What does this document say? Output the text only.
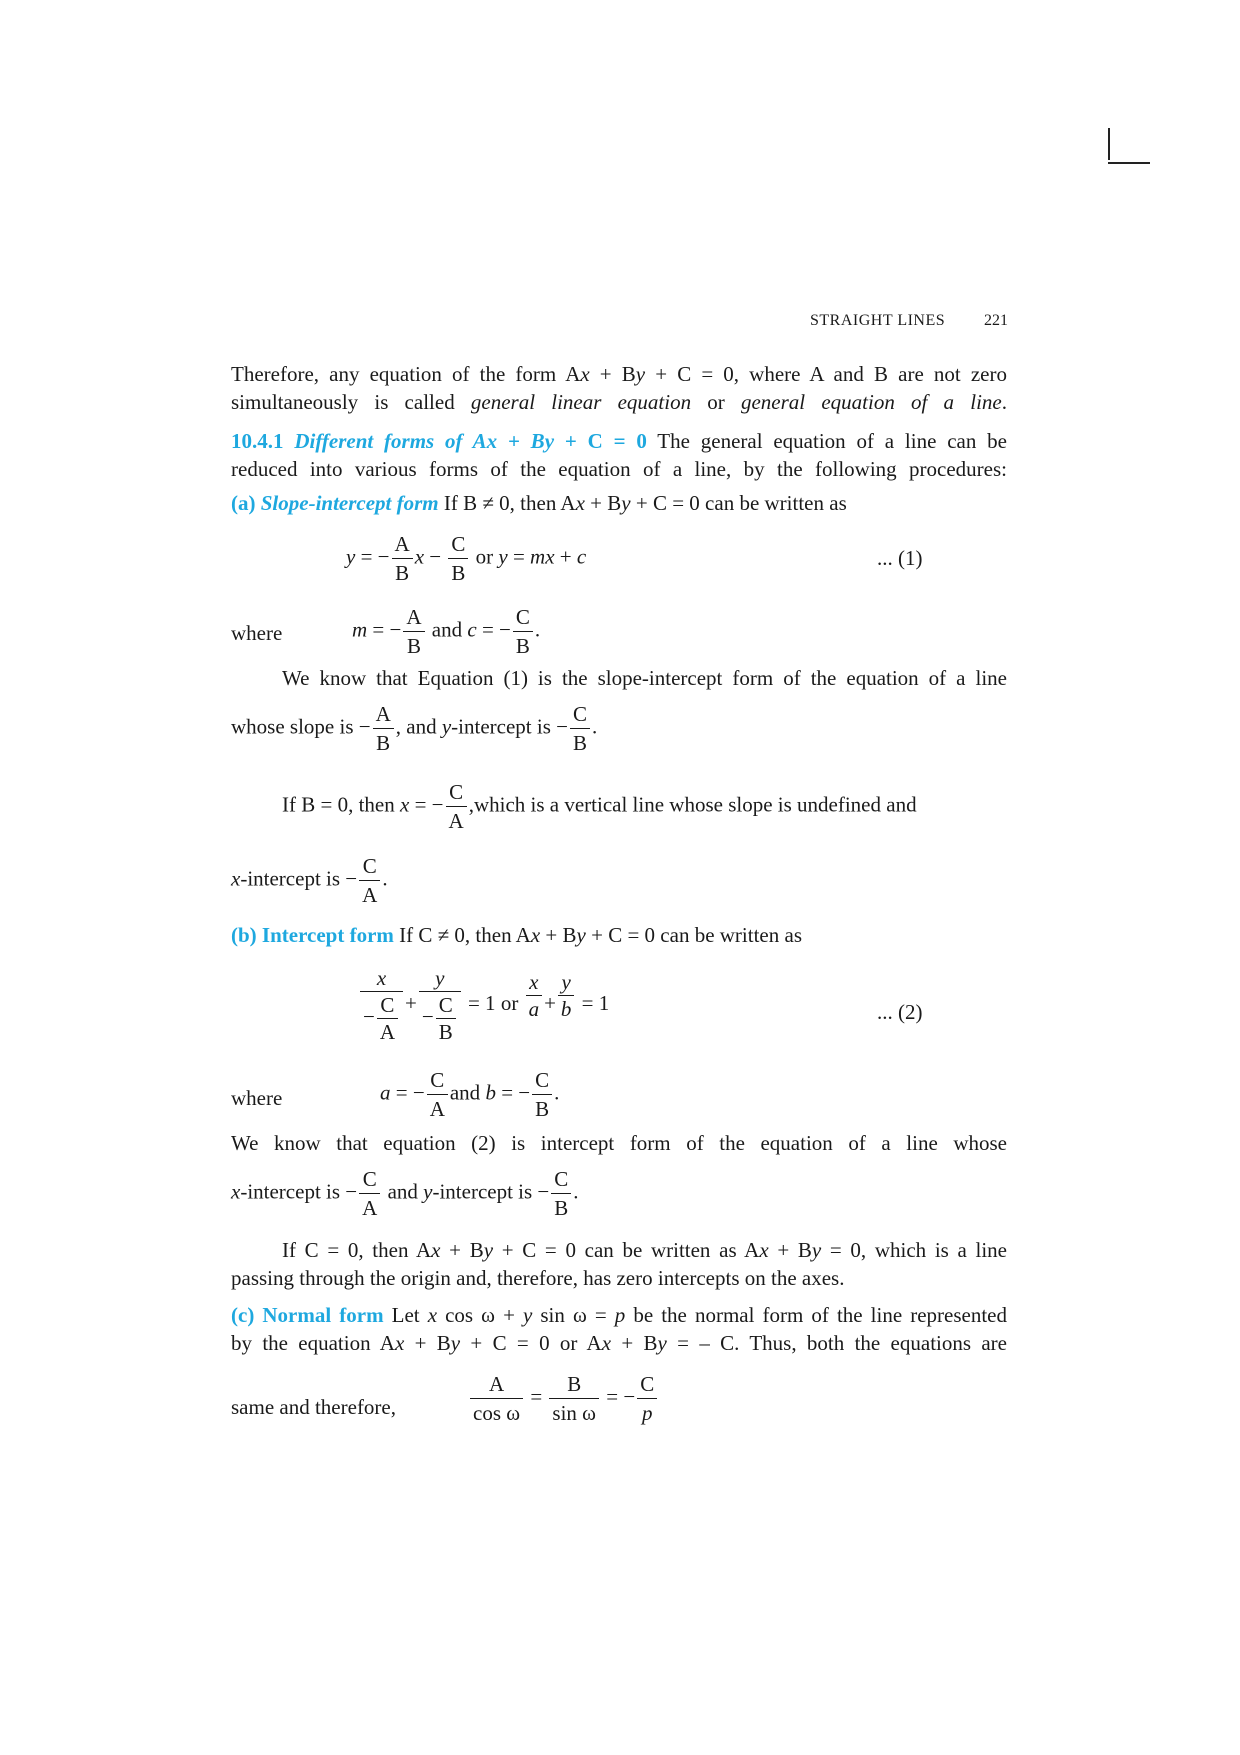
STRAIGHT LINES 221
Therefore, any equation of the form Ax + By + C = 0, where A and B are not zero
simultaneously is called general linear equation or general equation of a line.
10.4.1 Different forms of Ax + By + C = 0 The general equation of a line can be
reduced into various forms of the equation of a line, by the following procedures:
(a) Slope-intercept form If B ≠ 0, then Ax + By + C = 0 can be written as
y = − $\frac{A}{B}$ $x - \frac{C}{B}$ or y = mx + c	... (1)
where	m = − $\frac{A}{B}$ and c = − $\frac{C}{B}$ .
We know that Equation (1) is the slope-intercept form of the equation of a line
whose slope is − $\frac{A}{B}$ , and y-intercept is − $\frac{C}{B}$ .
If B = 0, then x = − $\frac{C}{A}$ ,which is a vertical line whose slope is undefined and
x-intercept is − $\frac{C}{A}$ .
(b) Intercept form If C ≠ 0, then Ax + By + C = 0 can be written as
$\frac{x}{- \frac{C}{A}} + \frac{y}{- \frac{C}{B}} = 1$ or $\frac{x}{a} + \frac{y}{b} = 1$	... (2)
where	a = − $\frac{C}{A}$ and b = − $\frac{C}{B}$ .
We know that equation (2) is intercept form of the equation of a line whose
x-intercept is − $\frac{C}{A}$ and y-intercept is − $\frac{C}{B}$ .
If C = 0, then Ax + By + C = 0 can be written as Ax + By = 0, which is a line
passing through the origin and, therefore, has zero intercepts on the axes.
(c) Normal form Let x cos ω + y sin ω = p be the normal form of the line represented
by the equation Ax + By + C = 0 or Ax + By = – C. Thus, both the equations are
same and therefore,	$\frac{A}{\text{cos ω}} = \frac{B}{\text{sin ω}}$ = − $\frac{C}{p}$
